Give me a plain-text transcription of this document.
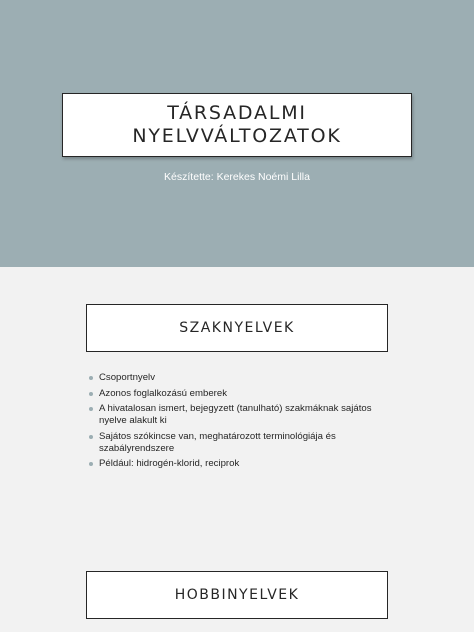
TÁRSADALMI NYELVVÁLTOZATOK
Készítette: Kerekes Noémi Lilla
SZAKNYELVEK
Csoportnyelv
Azonos foglalkozású emberek
A hivatalosan ismert, bejegyzett (tanulható) szakmáknak sajátos nyelve alakult ki
Sajátos szókincse van, meghatározott terminológiája és szabályrendszere
Például: hidrogén-klorid, reciprok
HOBBINYELVEK
